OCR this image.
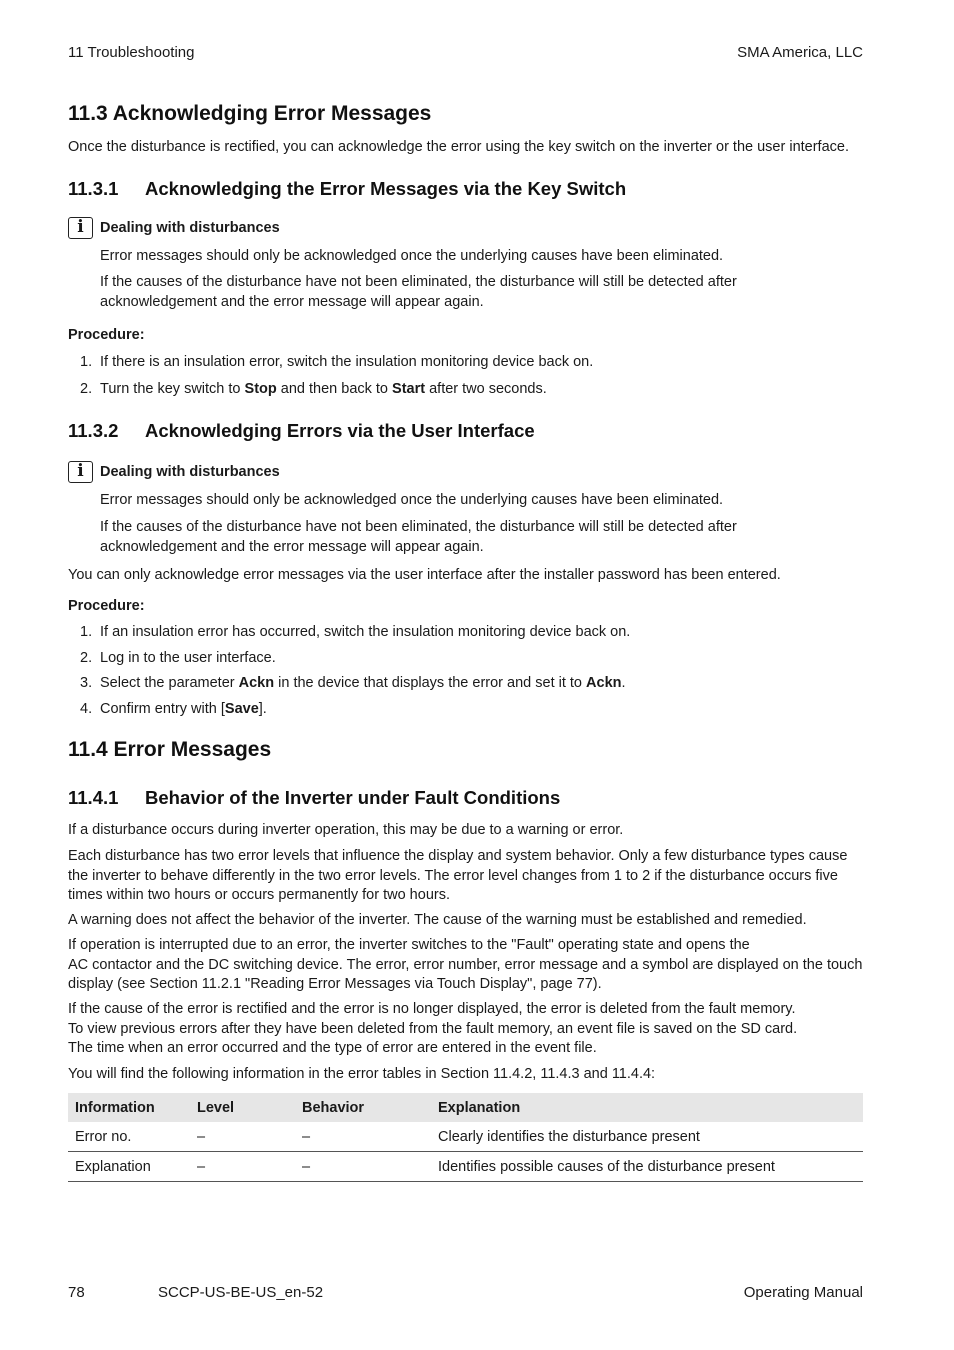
11 Troubleshooting	SMA America, LLC
11.3 Acknowledging Error Messages

Once the disturbance is rectified, you can acknowledge the error using the key switch on the inverter or the user interface.

11.3.1 Acknowledging the Error Messages via the Key Switch
i	Dealing with disturbances

Error messages should only be acknowledged once the underlying causes have been eliminated.

If the causes of the disturbance have not been eliminated, the disturbance will still be detected after acknowledgement and the error message will appear again.

Procedure:

1. If there is an insulation error, switch the insulation monitoring device back on.
2. Turn the key switch to Stop and then back to Start after two seconds.
11.3.2 Acknowledging Errors via the User Interface
i	Dealing with disturbances

Error messages should only be acknowledged once the underlying causes have been eliminated.

If the causes of the disturbance have not been eliminated, the disturbance will still be detected after acknowledgement and the error message will appear again.

You can only acknowledge error messages via the user interface after the installer password has been entered.

Procedure:

1. If an insulation error has occurred, switch the insulation monitoring device back on.
2. Log in to the user interface.
3. Select the parameter Ackn in the device that displays the error and set it to Ackn.
4. Confirm entry with [Save].
11.4 Error Messages
11.4.1 Behavior of the Inverter under Fault Conditions

If a disturbance occurs during inverter operation, this may be due to a warning or error.

Each disturbance has two error levels that influence the display and system behavior. Only a few disturbance types cause the inverter to behave differently in the two error levels. The error level changes from 1 to 2 if the disturbance occurs five times within two hours or occurs permanently for two hours.

A warning does not affect the behavior of the inverter. The cause of the warning must be established and remedied.

If operation is interrupted due to an error, the inverter switches to the "Fault" operating state and opens the
AC contactor and the DC switching device. The error, error number, error message and a symbol are displayed on the touch display (see Section 11.2.1 "Reading Error Messages via Touch Display", page 77).

If the cause of the error is rectified and the error is no longer displayed, the error is deleted from the fault memory.
To view previous errors after they have been deleted from the fault memory, an event file is saved on the SD card.
The time when an error occurred and the type of error are entered in the event file.

You will find the following information in the error tables in Section 11.4.2, 11.4.3 and 11.4.4:

Information	Level	Behavior	Explanation
Error no.	–	–	Clearly identifies the disturbance present
Explanation	–	–	Identifies possible causes of the disturbance present
78	SCCP-US-BE-US_en-52	Operating Manual
